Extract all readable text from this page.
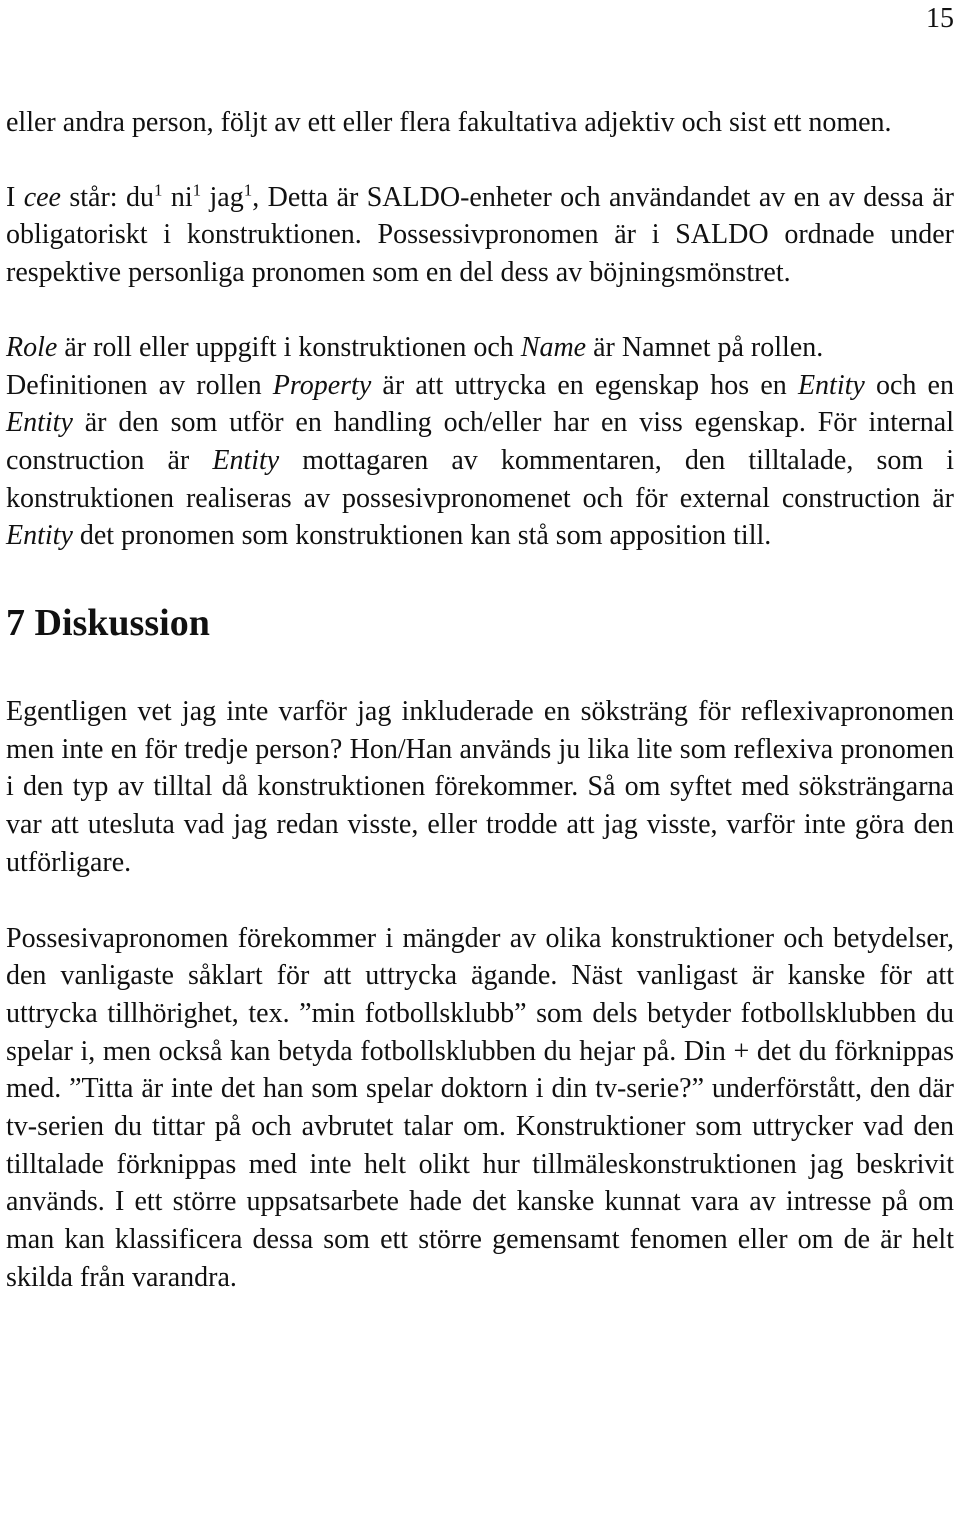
15

eller andra person, följt av ett eller flera fakultativa adjektiv och sist ett nomen.

I cee står: $du^1$ $ni^1$ jag$^1$, Detta är SALDO-enheter och användandet av en av dessa är obligatoriskt i konstruktionen. Possessivpronomen är i SALDO ordnade under respektive personliga pronomen som en del dess av böjningsmönstret.

Role är roll eller uppgift i konstruktionen och Name är Namnet på rollen.

Definitionen av rollen Property är att uttrycka en egenskap hos en Entity och en Entity är den som utför en handling och/eller har en viss egenskap. För internal construction är Entity mottagaren av kommentaren, den tilltalade, som i konstruktionen realiseras av possesivpronomenet och för external construction är Entity det pronomen som konstruktionen kan stå som apposition till.

7 Diskussion

Egentligen vet jag inte varför jag inkluderade en söksträng för reflexivapronomen men inte en för tredje person? Hon/Han används ju lika lite som reflexiva pronomen i den typ av tilltal då konstruktionen förekommer. Så om syftet med söksträngarna var att utesluta vad jag redan visste, eller trodde att jag visste, varför inte göra den utförligare.

Possesivapronomen förekommer i mängder av olika konstruktioner och betydelser, den vanligaste såklart för att uttrycka ägande. Näst vanligast är kanske för att uttrycka tillhörighet, tex. ”min fotbollsklubb” som dels betyder fotbollsklubben du spelar i, men också kan betyda fotbollsklubben du hejar på. Din + det du förknippas med. ”Titta är inte det han som spelar doktorn i din tv-serie?” underförstått, den där tv-serien du tittar på och avbrutet talar om. Konstruktioner som uttrycker vad den tilltalade förknippas med inte helt olikt hur tillmäleskonstruktionen jag beskrivit används. I ett större uppsatsarbete hade det kanske kunnat vara av intresse på om man kan klassificera dessa som ett större gemensamt fenomen eller om de är helt skilda från varandra.
